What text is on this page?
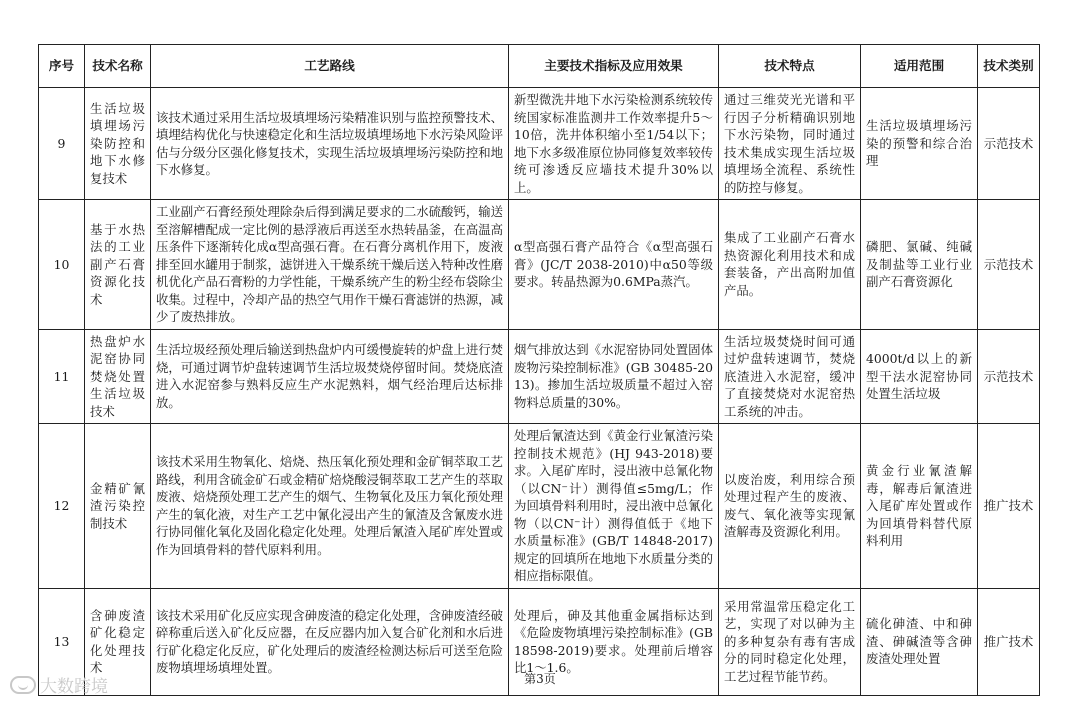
序号	技术名称	工艺路线	主要技术指标及应用效果	技术特点	适用范围	技术类别
9	生活垃圾填埋场污染防控和地下水修复技术	该技术通过采用生活垃圾填埋场污染精准识别与监控预警技术、填埋结构优化与快速稳定化和生活垃圾填埋场地下水污染风险评估与分级分区强化修复技术，实现生活垃圾填埋场污染防控和地下水修复。	新型微洗井地下水污染检测系统较传统国家标准监测井工作效率提升5～10倍，洗井体积缩小至1/54以下；地下水多级准原位协同修复效率较传统可渗透反应墙技术提升30%以上。	通过三维荧光光谱和平行因子分析精确识别地下水污染物，同时通过技术集成实现生活垃圾填埋场全流程、系统性的防控与修复。	生活垃圾填埋场污染的预警和综合治理	示范技术
10	基于水热法的工业副产石膏资源化技术	工业副产石膏经预处理除杂后得到满足要求的二水硫酸钙，输送至溶解槽配成一定比例的悬浮液后再送至水热转晶釜，在高温高压条件下逐渐转化成α型高强石膏。在石膏分离机作用下，废液排至回水罐用于制浆，滤饼进入干燥系统干燥后送入特种改性磨机优化产品石膏粉的力学性能，干燥系统产生的粉尘经布袋除尘收集。过程中，冷却产品的热空气用作干燥石膏滤饼的热源，减少了废热排放。	α型高强石膏产品符合《α型高强石膏》(JC/T 2038-2010)中α50等级要求。转晶热源为0.6MPa蒸汽。	集成了工业副产石膏水热资源化利用技术和成套装备，产出高附加值产品。	磷肥、氯碱、纯碱及制盐等工业行业副产石膏资源化	示范技术
11	热盘炉水泥窑协同焚烧处置生活垃圾技术	生活垃圾经预处理后输送到热盘炉内可缓慢旋转的炉盘上进行焚烧，可通过调节炉盘转速调节生活垃圾焚烧停留时间。焚烧底渣进入水泥窑参与熟料反应生产水泥熟料，烟气经治理后达标排放。	烟气排放达到《水泥窑协同处置固体废物污染控制标准》(GB 30485-2013)。掺加生活垃圾质量不超过入窑物料总质量的30%。	生活垃圾焚烧时间可通过炉盘转速调节，焚烧底渣进入水泥窑，缓冲了直接焚烧对水泥窑热工系统的冲击。	4000t/d以上的新型干法水泥窑协同处置生活垃圾	示范技术
12	金精矿氰渣污染控制技术	该技术采用生物氧化、焙烧、热压氧化预处理和金矿铜萃取工艺路线，利用含硫金矿石或金精矿焙烧酸浸铜萃取工艺产生的萃取废液、焙烧预处理工艺产生的烟气、生物氧化及压力氧化预处理产生的氧化液，对生产工艺中氰化浸出产生的氰渣及含氰废水进行协同催化氧化及固化稳定化处理。处理后氰渣入尾矿库处置或作为回填骨料的替代原料利用。	处理后氰渣达到《黄金行业氰渣污染控制技术规范》(HJ 943-2018)要求。入尾矿库时，浸出液中总氰化物（以CN⁻计）测得值≤5mg/L；作为回填骨料利用时，浸出液中总氰化物（以CN⁻计）测得值低于《地下水质量标准》(GB/T 14848-2017)规定的回填所在地地下水质量分类的相应指标限值。	以废治废，利用综合预处理过程产生的废液、废气、氧化液等实现氰渣解毒及资源化利用。	黄金行业氰渣解毒，解毒后氰渣进入尾矿库处置或作为回填骨料替代原料利用	推广技术
13	含砷废渣矿化稳定化处理技术	该技术采用矿化反应实现含砷废渣的稳定化处理，含砷废渣经破碎称重后送入矿化反应器，在反应器内加入复合矿化剂和水后进行矿化稳定化反应，矿化处理后的废渣经检测达标后可送至危险废物填埋场填埋处置。	处理后，砷及其他重金属指标达到《危险废物填埋污染控制标准》(GB 18598-2019)要求。处理前后增容比1～1.6。	采用常温常压稳定化工艺，实现了对以砷为主的多种复杂有毒有害成分的同时稳定化处理，工艺过程节能节药。	硫化砷渣、中和砷渣、砷碱渣等含砷废渣处理处置	推广技术
第3页
大数跨境
